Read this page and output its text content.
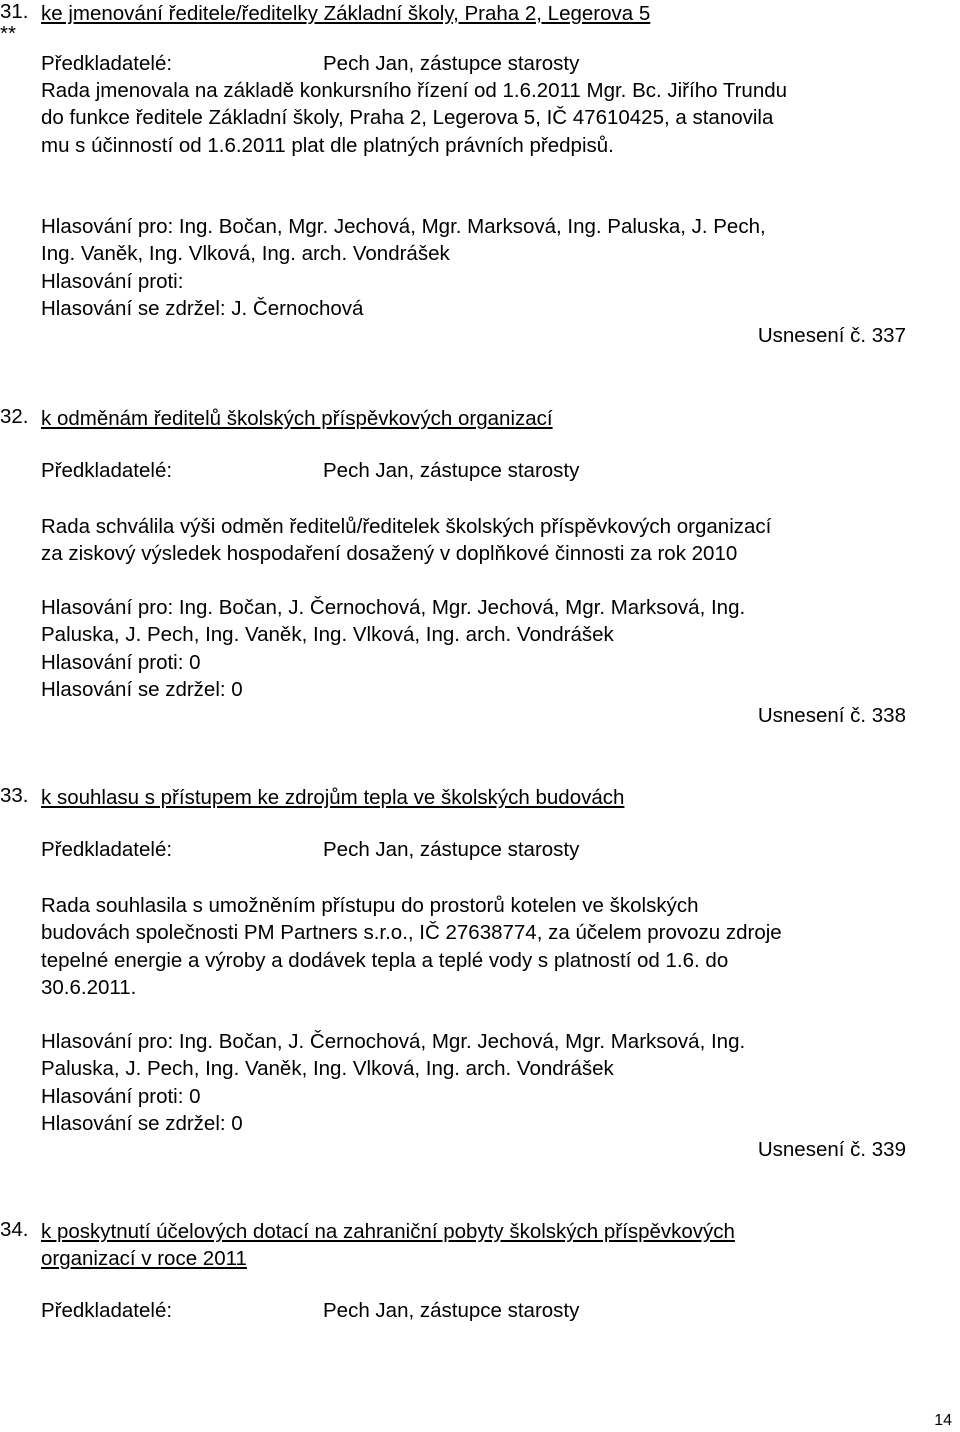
31.
**
ke jmenování ředitele/ředitelky Základní školy, Praha 2, Legerova 5
Předkladatelé:	Pech Jan, zástupce starosty
Rada jmenovala na základě konkursního řízení od 1.6.2011 Mgr. Bc. Jiřího Trundu
do funkce ředitele Základní školy, Praha 2, Legerova 5, IČ 47610425, a stanovila
mu s účinností od 1.6.2011 plat dle platných právních předpisů.
Hlasování pro: Ing. Bočan, Mgr. Jechová, Mgr. Marksová, Ing. Paluska, J. Pech,
Ing. Vaněk, Ing. Vlková, Ing. arch. Vondrášek
Hlasování proti:
Hlasování se zdržel: J. Černochová
Usnesení č. 337
32. k odměnám ředitelů školských příspěvkových organizací
Předkladatelé:	Pech Jan, zástupce starosty
Rada schválila výši odměn ředitelů/ředitelek školských příspěvkových organizací
za ziskový výsledek hospodaření dosažený v doplňkové činnosti za rok 2010
Hlasování pro: Ing. Bočan, J. Černochová, Mgr. Jechová, Mgr. Marksová, Ing.
Paluska, J. Pech, Ing. Vaněk, Ing. Vlková, Ing. arch. Vondrášek
Hlasování proti: 0
Hlasování se zdržel: 0
Usnesení č. 338
33. k souhlasu s přístupem ke zdrojům tepla ve školských budovách
Předkladatelé:	Pech Jan, zástupce starosty
Rada souhlasila s umožněním přístupu do prostorů kotelen ve školských
budovách společnosti PM Partners s.r.o., IČ 27638774, za účelem provozu zdroje
tepelné energie a výroby a dodávek tepla a teplé vody s platností od 1.6. do
30.6.2011.
Hlasování pro: Ing. Bočan, J. Černochová, Mgr. Jechová, Mgr. Marksová, Ing.
Paluska, J. Pech, Ing. Vaněk, Ing. Vlková, Ing. arch. Vondrášek
Hlasování proti: 0
Hlasování se zdržel: 0
Usnesení č. 339
34. k poskytnutí účelových dotací na zahraniční pobyty školských příspěvkových
organizací v roce 2011
Předkladatelé:	Pech Jan, zástupce starosty
14
